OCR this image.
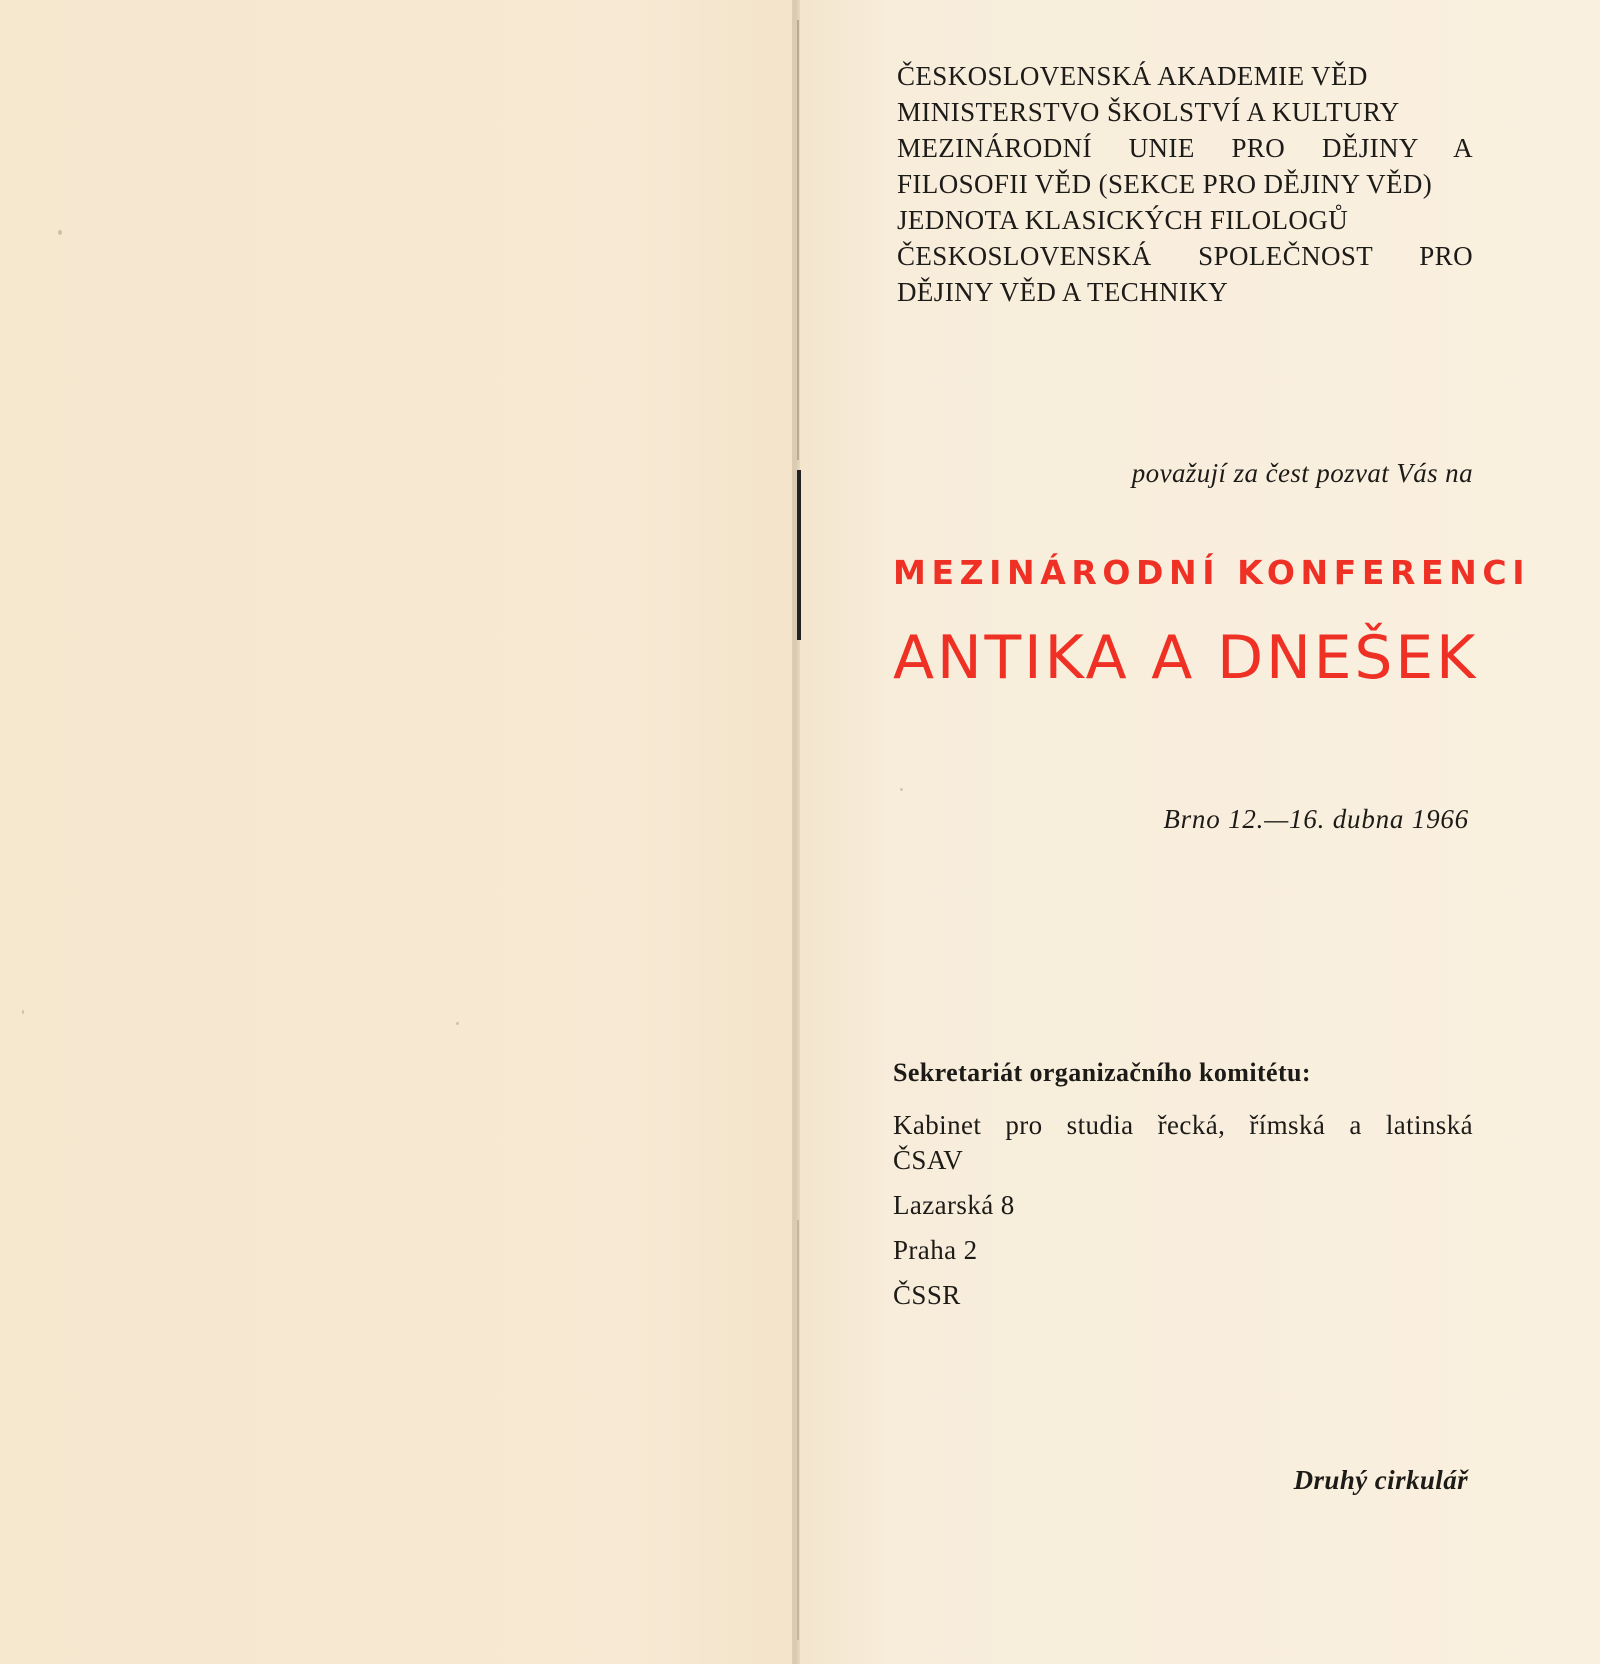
ČESKOSLOVENSKÁ AKADEMIE VĚD
MINISTERSTVO ŠKOLSTVÍ A KULTURY
MEZINÁRODNÍ UNIE PRO DĚJINY A FILOSOFII VĚD (SEKCE PRO DĚJINY VĚD)
JEDNOTA KLASICKÝCH FILOLOGŮ
ČESKOSLOVENSKÁ SPOLEČNOST PRO DĚJINY VĚD A TECHNIKY
považují za čest pozvat Vás na
MEZINÁRODNÍ KONFERENCI
ANTIKA A DNEŠEK
Brno 12.—16. dubna 1966
Sekretariát organizačního komitétu:
Kabinet pro studia řecká, římská a latinská
ČSAV
Lazarská 8
Praha 2
ČSSR
Druhý cirkulář
